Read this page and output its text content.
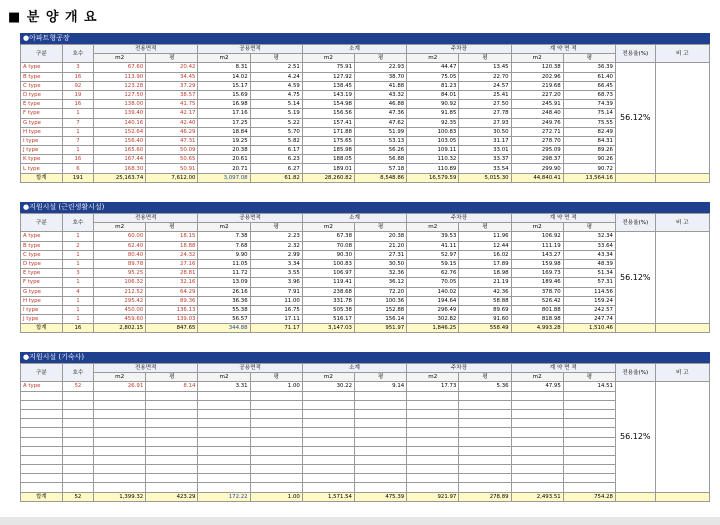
■ 분 양 개 요
●아파트형공장
구분	호수	전용면적		공용면적		소계		주차장		계 약 면 적		전용율(%)	비 고
		m2	평	m2	평	m2	평	m2	평	m2	평		
A type	3	67.60	20.42	8.31	2.51	75.91	22.93	44.47	13.45	120.38	36.39	56.12%	
B type	16	113.90	34.45	14.02	4.24	127.92	38.70	75.05	22.70	202.96	61.40		
C type	92	123.28	37.29	15.17	4.59	138.45	41.88	81.23	24.57	219.68	66.45		
D type	19	127.50	38.57	15.69	4.75	143.19	43.32	84.01	25.41	227.20	68.73		
E type	16	138.00	41.75	16.98	5.14	154.98	46.88	90.92	27.50	245.91	74.39		
F type	1	139.40	42.17	17.16	5.19	156.56	47.36	91.85	27.78	248.40	75.14		
G type	7	140.16	42.40	17.25	5.22	157.41	47.62	92.35	27.93	249.76	75.55		
H type	1	152.64	46.29	18.84	5.70	171.88	51.99	100.83	30.50	272.71	82.49		
I type	7	156.40	47.31	19.25	5.82	175.65	53.13	103.05	31.17	278.70	84.31		
J type	1	165.60	50.09	20.38	6.17	185.98	56.26	109.11	33.01	295.09	89.26		
K type	16	167.44	50.65	20.61	6.23	188.05	56.88	110.32	33.37	298.37	90.26		
L type	6	168.30	50.91	20.71	6.27	189.01	57.18	110.89	33.54	299.90	90.72		
합계	191	25,163.74	7,612.00	3,097.08	61.82	28,260.82	8,548.86	16,579.59	5,015.30	44,840.41	13,564.16		
●지원시설 (근린생활시설)
구분	호수	전용면적		공용면적		소계		주차장		계 약 면 적		전용율(%)	비 고
		m2	평	m2	평	m2	평	m2	평	m2	평		
A type	1	60.00	18.15	7.38	2.23	67.38	20.38	39.53	11.96	106.92	32.34	56.12%	
B type	2	62.40	18.88	7.68	2.32	70.08	21.20	41.11	12.44	111.19	33.64		
C type	1	80.40	24.32	9.90	2.99	90.30	27.31	52.97	16.02	143.27	43.34		
D type	1	89.78	27.16	11.05	3.34	100.83	30.50	59.15	17.89	159.98	48.39		
E type	3	95.25	28.81	11.72	3.55	106.97	32.36	62.76	18.98	169.73	51.34		
F type	1	106.32	32.16	13.09	3.96	119.41	36.12	70.05	21.19	189.46	57.31		
G type	4	212.52	64.29	26.16	7.91	238.68	72.20	140.02	42.36	378.70	114.56		
H type	1	295.42	89.36	36.36	11.00	331.78	100.36	194.64	58.88	526.42	159.24		
I type	1	450.00	136.13	55.38	16.75	505.38	152.88	296.49	89.69	801.88	242.57		
J type	1	459.60	139.03	56.57	17.11	516.17	156.14	302.82	91.60	818.98	247.74		
합계	16	2,802.15	847.65	344.88	71.17	3,147.03	951.97	1,846.25	558.49	4,993.28	1,510.46		
●지원시설 (기숙사)
구분	호수	전용면적		공용면적		소계		주차장		계 약 면 적		전용율(%)	비 고
		m2	평	m2	평	m2	평	m2	평	m2	평		
A type	52	26.91	8.14	3.31	1.00	30.22	9.14	17.73	5.36	47.95	14.51	56.12%	

합계	52	1,399.32	423.29	172.22	1.00	1,571.54	475.39	921.97	278.89	2,493.51	754.28		
